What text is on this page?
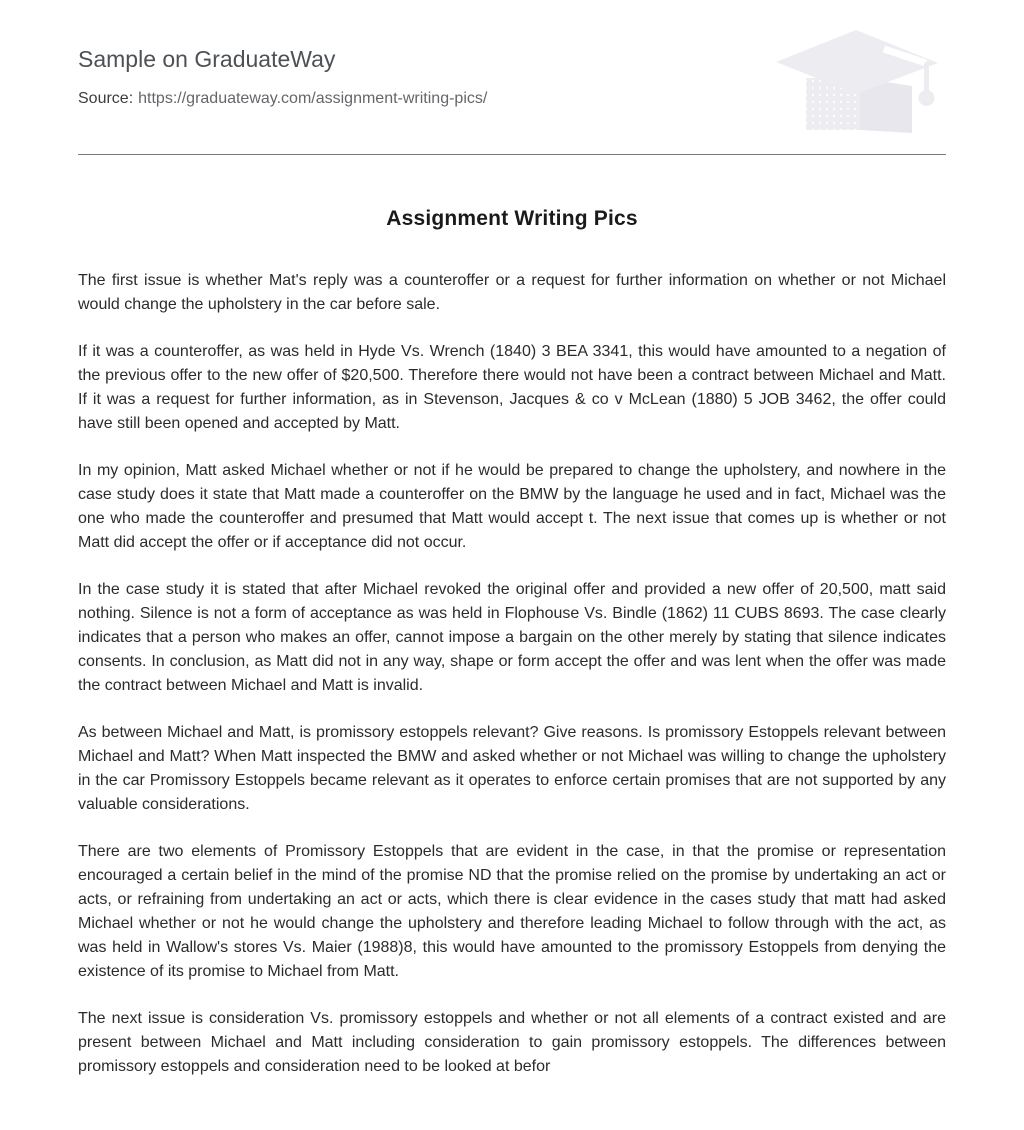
Sample on GraduateWay

Source: https://graduateway.com/assignment-writing-pics/

Assignment Writing Pics

The first issue is whether Mat's reply was a counteroffer or a request for further information on whether or not Michael would change the upholstery in the car before sale.

If it was a counteroffer, as was held in Hyde Vs. Wrench (1840) 3 BEA 3341, this would have amounted to a negation of the previous offer to the new offer of $20,500. Therefore there would not have been a contract between Michael and Matt. If it was a request for further information, as in Stevenson, Jacques & co v McLean (1880) 5 JOB 3462, the offer could have still been opened and accepted by Matt.

In my opinion, Matt asked Michael whether or not if he would be prepared to change the upholstery, and nowhere in the case study does it state that Matt made a counteroffer on the BMW by the language he used and in fact, Michael was the one who made the counteroffer and presumed that Matt would accept t. The next issue that comes up is whether or not Matt did accept the offer or if acceptance did not occur.

In the case study it is stated that after Michael revoked the original offer and provided a new offer of 20,500, matt said nothing. Silence is not a form of acceptance as was held in Flophouse Vs. Bindle (1862) 11 CUBS 8693. The case clearly indicates that a person who makes an offer, cannot impose a bargain on the other merely by stating that silence indicates consents. In conclusion, as Matt did not in any way, shape or form accept the offer and was lent when the offer was made the contract between Michael and Matt is invalid.

As between Michael and Matt, is promissory estoppels relevant? Give reasons. Is promissory Estoppels relevant between Michael and Matt? When Matt inspected the BMW and asked whether or not Michael was willing to change the upholstery in the car Promissory Estoppels became relevant as it operates to enforce certain promises that are not supported by any valuable considerations.

There are two elements of Promissory Estoppels that are evident in the case, in that the promise or representation encouraged a certain belief in the mind of the promise ND that the promise relied on the promise by undertaking an act or acts, or refraining from undertaking an act or acts, which there is clear evidence in the cases study that matt had asked Michael whether or not he would change the upholstery and therefore leading Michael to follow through with the act, as was held in Wallow's stores Vs. Maier (1988)8, this would have amounted to the promissory Estoppels from denying the existence of its promise to Michael from Matt.

The next issue is consideration Vs. promissory estoppels and whether or not all elements of a contract existed and are present between Michael and Matt including consideration to gain promissory estoppels. The differences between promissory estoppels and consideration need to be looked at befor
